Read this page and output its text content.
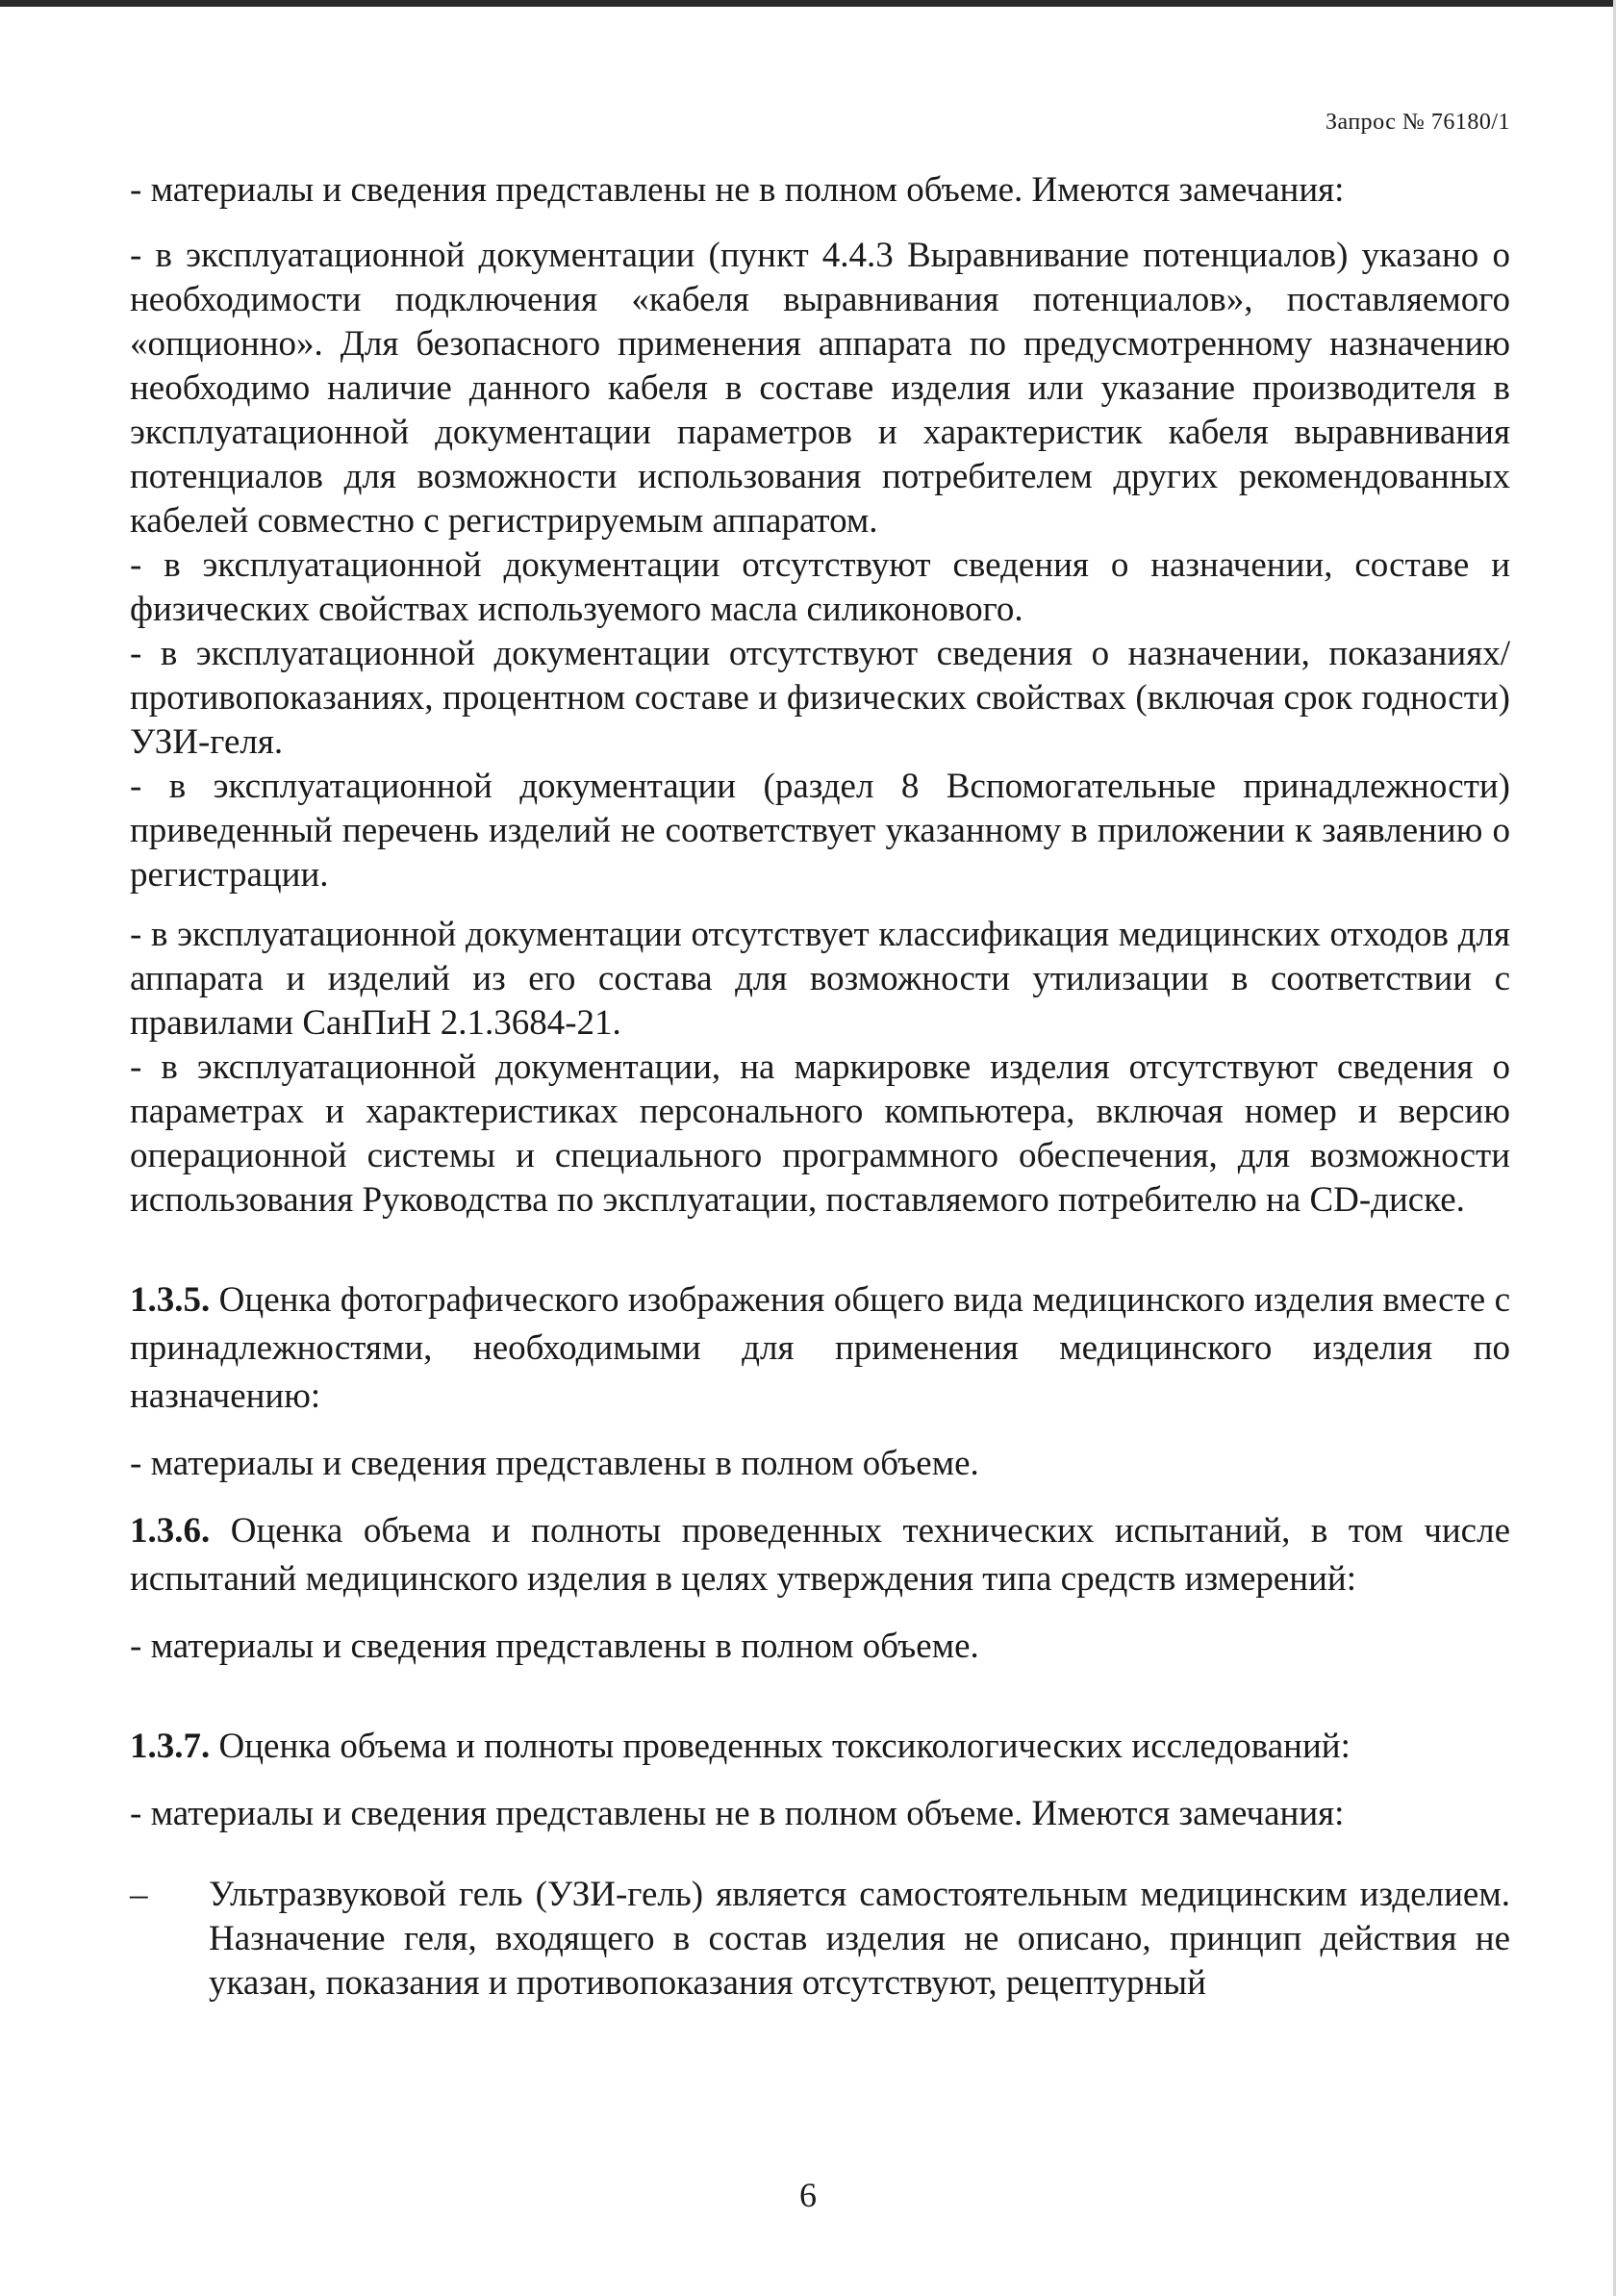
Запрос № 76180/1

- материалы и сведения представлены не в полном объеме. Имеются замечания:

- в эксплуатационной документации (пункт 4.4.3 Выравнивание потенциалов) указано о необходимости подключения «кабеля выравнивания потенциалов», поставляемого «опционно». Для безопасного применения аппарата по предусмотренному назначению необходимо наличие данного кабеля в составе изделия или указание производителя в эксплуатационной документации параметров и характеристик кабеля выравнивания потенциалов для возможности использования потребителем других рекомендованных кабелей совместно с регистрируемым аппаратом.

- в эксплуатационной документации отсутствуют сведения о назначении, составе и физических свойствах используемого масла силиконового.

- в эксплуатационной документации отсутствуют сведения о назначении, показаниях/противопоказаниях, процентном составе и физических свойствах (включая срок годности) УЗИ-геля.

- в эксплуатационной документации (раздел 8 Вспомогательные принадлежности) приведенный перечень изделий не соответствует указанному в приложении к заявлению о регистрации.

- в эксплуатационной документации отсутствует классификация медицинских отходов для аппарата и изделий из его состава для возможности утилизации в соответствии с правилами СанПиН 2.1.3684-21.

- в эксплуатационной документации, на маркировке изделия отсутствуют сведения о параметрах и характеристиках персонального компьютера, включая номер и версию операционной системы и специального программного обеспечения, для возможности использования Руководства по эксплуатации, поставляемого потребителю на CD-диске.

1.3.5. Оценка фотографического изображения общего вида медицинского изделия вместе с принадлежностями, необходимыми для применения медицинского изделия по назначению:

- материалы и сведения представлены в полном объеме.

1.3.6. Оценка объема и полноты проведенных технических испытаний, в том числе испытаний медицинского изделия в целях утверждения типа средств измерений:

- материалы и сведения представлены в полном объеме.

1.3.7. Оценка объема и полноты проведенных токсикологических исследований:

- материалы и сведения представлены не в полном объеме. Имеются замечания:

–	Ультразвуковой гель (УЗИ-гель) является самостоятельным медицинским изделием. Назначение геля, входящего в состав изделия не описано, принцип действия не указан, показания и противопоказания отсутствуют, рецептурный

6
